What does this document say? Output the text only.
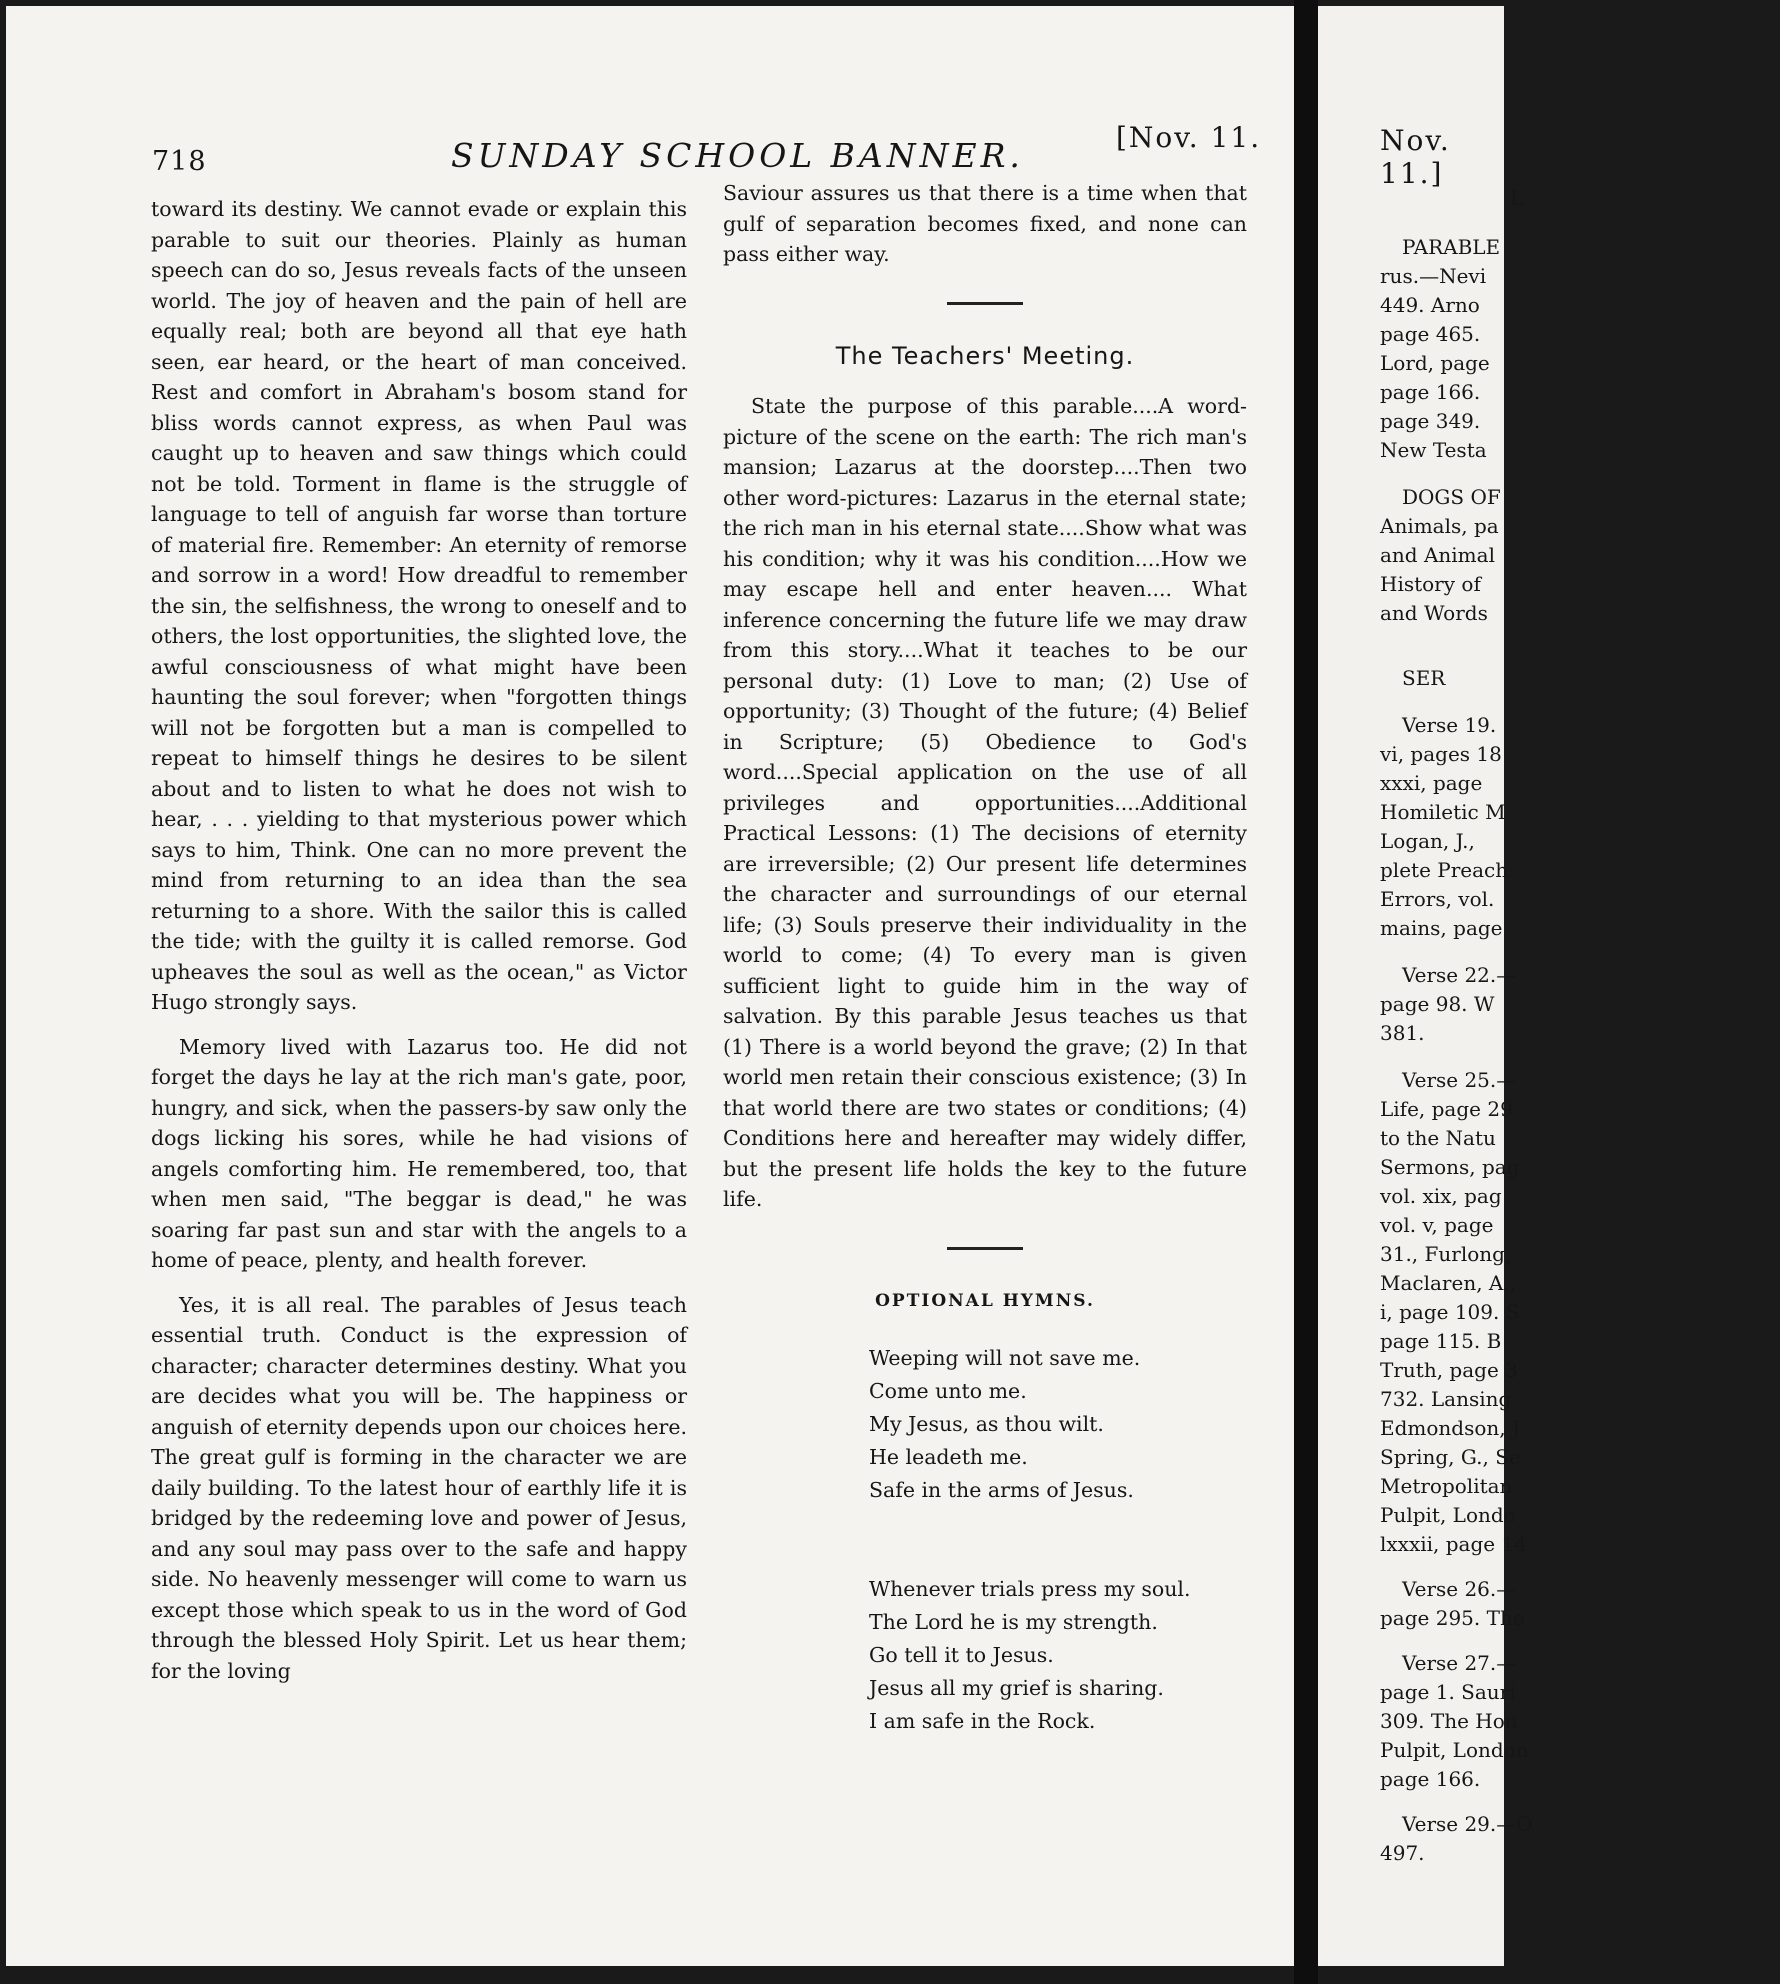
718	SUNDAY SCHOOL BANNER.	[Nov. 11.

toward its destiny. We cannot evade or explain this parable to suit our theories. Plainly as human speech can do so, Jesus reveals facts of the unseen world. The joy of heaven and the pain of hell are equally real; both are beyond all that eye hath seen, ear heard, or the heart of man conceived. Rest and comfort in Abraham's bosom stand for bliss words cannot express, as when Paul was caught up to heaven and saw things which could not be told. Torment in flame is the struggle of language to tell of anguish far worse than torture of material fire. Remember: An eternity of remorse and sorrow in a word! How dreadful to remember the sin, the selfishness, the wrong to oneself and to others, the lost opportunities, the slighted love, the awful consciousness of what might have been haunting the soul forever; when "forgotten things will not be forgotten but a man is compelled to repeat to himself things he desires to be silent about and to listen to what he does not wish to hear, . . . yielding to that mysterious power which says to him, Think. One can no more prevent the mind from returning to an idea than the sea returning to a shore. With the sailor this is called the tide; with the guilty it is called remorse. God upheaves the soul as well as the ocean," as Victor Hugo strongly says.

Memory lived with Lazarus too. He did not forget the days he lay at the rich man's gate, poor, hungry, and sick, when the passers-by saw only the dogs licking his sores, while he had visions of angels comforting him. He remembered, too, that when men said, "The beggar is dead," he was soaring far past sun and star with the angels to a home of peace, plenty, and health forever.

Yes, it is all real. The parables of Jesus teach essential truth. Conduct is the expression of character; character determines destiny. What you are decides what you will be. The happiness or anguish of eternity depends upon our choices here. The great gulf is forming in the character we are daily building. To the latest hour of earthly life it is bridged by the redeeming love and power of Jesus, and any soul may pass over to the safe and happy side. No heavenly messenger will come to warn us except those which speak to us in the word of God through the blessed Holy Spirit. Let us hear them; for the loving

Saviour assures us that there is a time when that gulf of separation becomes fixed, and none can pass either way.

The Teachers' Meeting.

State the purpose of this parable....A word-picture of the scene on the earth: The rich man's mansion; Lazarus at the doorstep....Then two other word-pictures: Lazarus in the eternal state; the rich man in his eternal state....Show what was his condition; why it was his condition....How we may escape hell and enter heaven.... What inference concerning the future life we may draw from this story....What it teaches to be our personal duty: (1) Love to man; (2) Use of opportunity; (3) Thought of the future; (4) Belief in Scripture; (5) Obedience to God's word....Special application on the use of all privileges and opportunities....Additional Practical Lessons: (1) The decisions of eternity are irreversible; (2) Our present life determines the character and surroundings of our eternal life; (3) Souls preserve their individuality in the world to come; (4) To every man is given sufficient light to guide him in the way of salvation. By this parable Jesus teaches us that (1) There is a world beyond the grave; (2) In that world men retain their conscious existence; (3) In that world there are two states or conditions; (4) Conditions here and hereafter may widely differ, but the present life holds the key to the future life.

OPTIONAL HYMNS.
Weeping will not save me.
Come unto me.
My Jesus, as thou wilt.
He leadeth me.
Safe in the arms of Jesus.
Whenever trials press my soul.
The Lord he is my strength.
Go tell it to Jesus.
Jesus all my grief is sharing.
I am safe in the Rock.
Nov. 11.]
L
PARABLE
rus.—Nevi
449. Arno
page 465.
Lord, page
page 166.
page 349.
New Testa
DOGS OF
Animals, pa
and Animal
History of
and Words
SER
Verse 19.
vi, pages 18
xxxi, page
Homiletic M
Logan, J.,
plete Preach
Errors, vol.
mains, page
Verse 22.—
page 98. W
381.
Verse 25.—
Life, page 29
to the Natu
Sermons, pag
vol. xix, pag
vol. v, page
31., Furlong,
Maclaren, A.,
i, page 109. S
page 115. B
Truth, page 3
732. Lansing
Edmondson, J
Spring, G., Se
Metropolitan
Pulpit, Londo
lxxxii, page 14
Verse 26.—
page 295. The
Verse 27.—
page 1. Sauri
309. The Hon
Pulpit, London
page 166.
Verse 29.—O
497.
